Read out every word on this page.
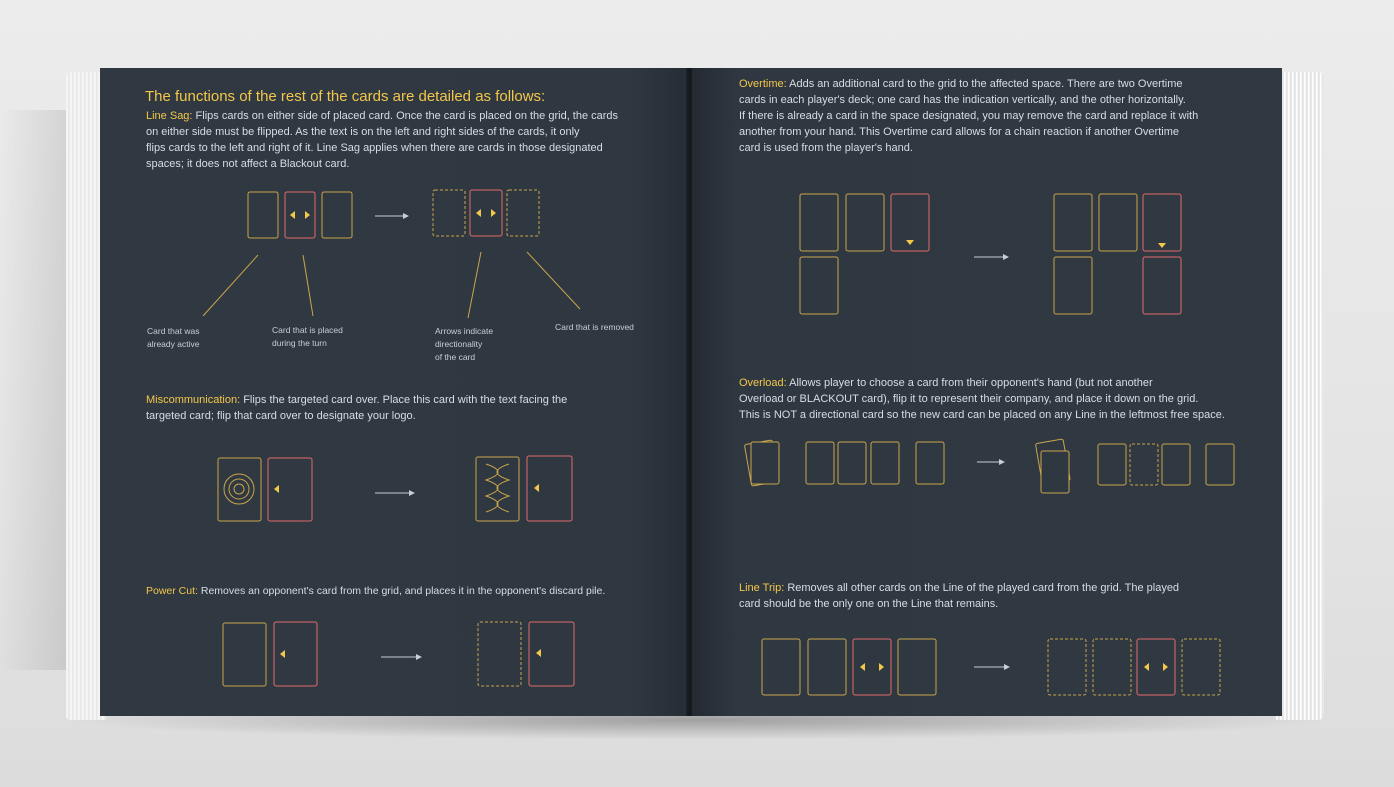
The functions of the rest of the cards are detailed as follows:
Line Sag: Flips cards on either side of placed card. Once the card is placed on the grid, the cards
on either side must be flipped. As the text is on the left and right sides of the cards, it only
flips cards to the left and right of it. Line Sag applies when there are cards in those designated
spaces; it does not affect a Blackout card.
Card that was
already active
Card that is placed
during the turn
Arrows indicate
directionality
of the card
Card that is removed
Miscommunication: Flips the targeted card over. Place this card with the text facing the
targeted card; flip that card over to designate your logo.
Power Cut: Removes an opponent's card from the grid, and places it in the opponent's discard pile.
Overtime: Adds an additional card to the grid to the affected space. There are two Overtime
cards in each player's deck; one card has the indication vertically, and the other horizontally.
If there is already a card in the space designated, you may remove the card and replace it with
another from your hand. This Overtime card allows for a chain reaction if another Overtime
card is used from the player's hand.
Overload: Allows player to choose a card from their opponent's hand (but not another
Overload or BLACKOUT card), flip it to represent their company, and place it down on the grid.
This is NOT a directional card so the new card can be placed on any Line in the leftmost free space.
Line Trip: Removes all other cards on the Line of the played card from the grid. The played
card should be the only one on the Line that remains.
